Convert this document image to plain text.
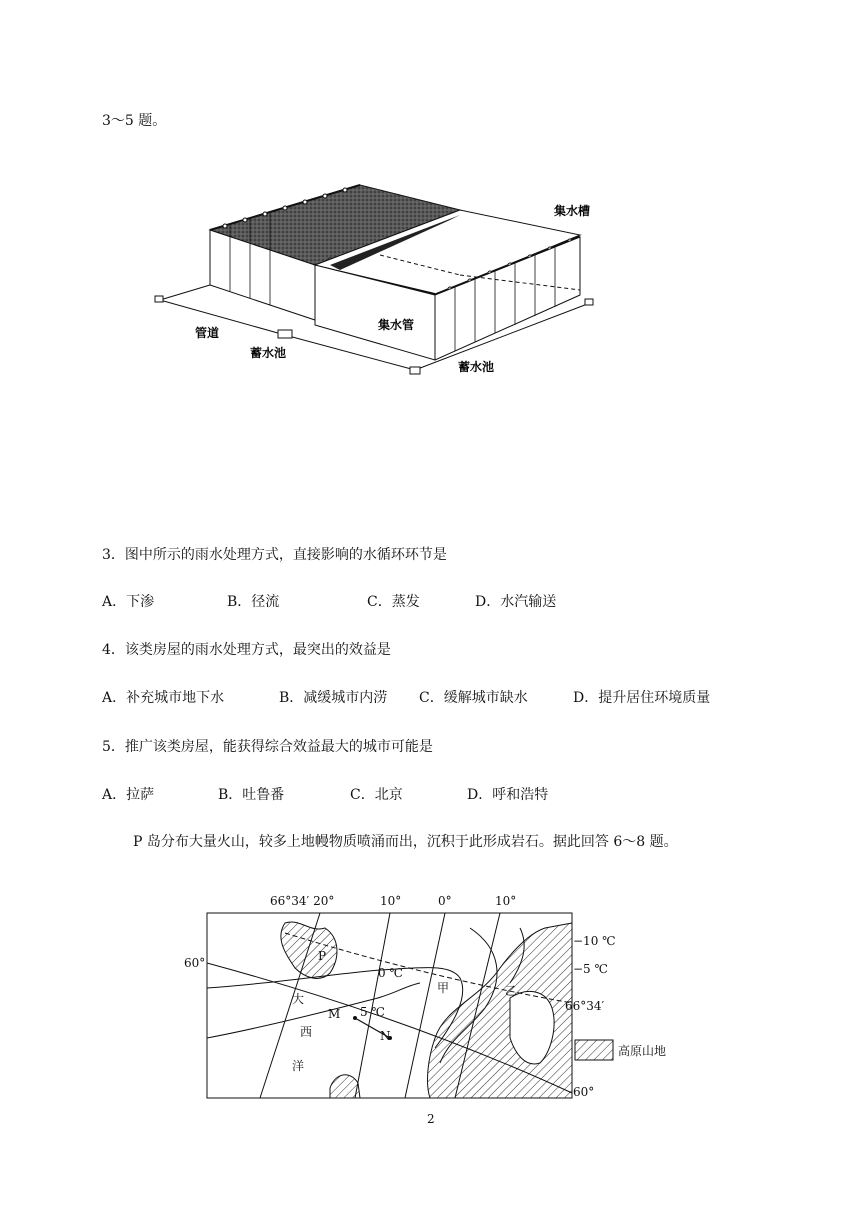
3～5 题。
集水槽
管道
集水管
蓄水池
蓄水池
3．图中所示的雨水处理方式，直接影响的水循环环节是
A．下渗	B．径流	C．蒸发	D．水汽输送
4．该类房屋的雨水处理方式，最突出的效益是
A．补充城市地下水	B．减缓城市内涝 C．缓解城市缺水	D．提升居住环境质量
5．推广该类房屋，能获得综合效益最大的城市可能是
A．拉萨	B．吐鲁番	C．北京	D．呼和浩特
P 岛分布大量火山，较多上地幔物质喷涌而出，沉积于此形成岩石。据此回答 6～8 题。
66°34′ 20°	10°	0°	10°
60°
−10 ℃
−5 ℃
66°34′
60°
0 ℃
5 ℃
P
大
西
洋
M
N
甲	乙
高原山地
2
